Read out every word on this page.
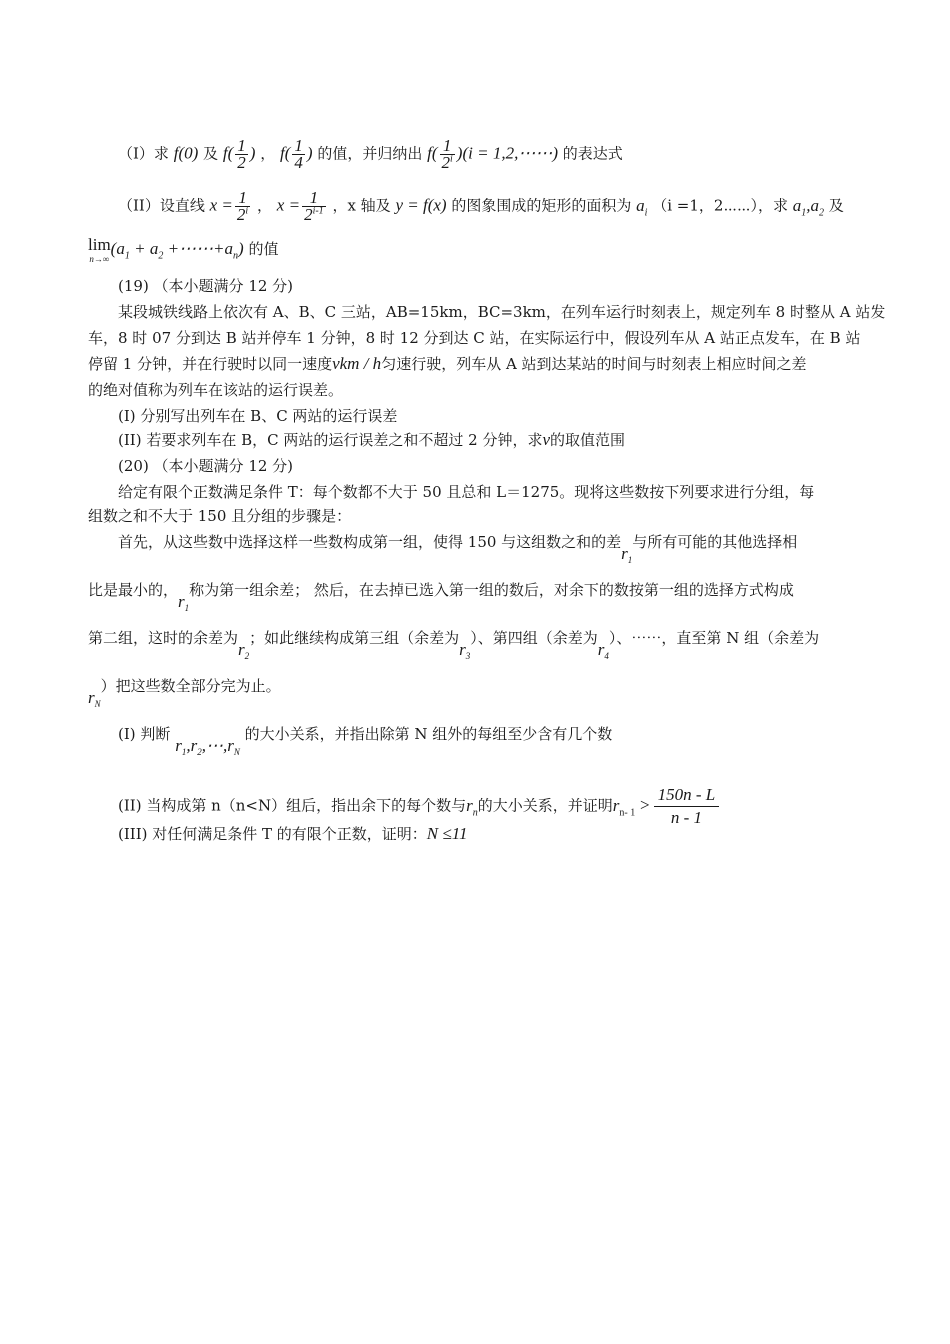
（I）求 f(0) 及 $f( \frac{1}{2}$ ) ， $f( \frac{1}{4}$ ) 的值，并归纳出 $f( \frac{1}{2^i} )(i$ = 1,2,⋯⋯) 的表达式
（II）设直线 $x = \frac{1}{2^i}$ ， $x = \frac{1}{2^{i-1}}$ ，x 轴及 y = f(x) 的图象围成的矩形的面积为 $a_i$ （i =1，2⋯⋯），求 $a_1,a_2$ 及
lim
n→∞
($a_1 + a_2$ $+\cdots\cdots+a_n$) 的值
(19) （本小题满分 12 分)
某段城铁线路上依次有 A、B、C 三站，AB=15km，BC=3km，在列车运行时刻表上，规定列车 8 时整从 A 站发
车，8 时 07 分到达 B 站并停车 1 分钟，8 时 12 分到达 C 站，在实际运行中，假设列车从 A 站正点发车，在 B 站
停留 1 分钟，并在行驶时以同一速度vkm / h匀速行驶，列车从 A 站到达某站的时间与时刻表上相应时间之差
的绝对值称为列车在该站的运行误差。
(I) 分别写出列车在 B、C 两站的运行误差
(II) 若要求列车在 B，C 两站的运行误差之和不超过 2 分钟，求v的取值范围
(20) （本小题满分 12 分)
给定有限个正数满足条件 T：每个数都不大于 50 且总和 L＝1275。现将这些数按下列要求进行分组，每
组数之和不大于 150 且分组的步骤是：
首先，从这些数中选择这样一些数构成第一组，使得 150 与这组数之和的差$r_1$与所有可能的其他选择相
比是最小的，$r_1$称为第一组余差； 然后，在去掉已选入第一组的数后，对余下的数按第一组的选择方式构成
第二组，这时的余差为$r_2$；如此继续构成第三组（余差为$r_3$）、第四组（余差为$r_4$）、⋯⋯，直至第 N 组（余差为
$r_N$）把这些数全部分完为止。
(I) 判断 $r_1,r_2,\cdots,r_N$ 的大小关系，并指出除第 N 组外的每组至少含有几个数
(II) 当构成第 n（n<N）组后，指出余下的每个数与$r_n$的大小关系，并证明$r_{n- 1} > \frac{150n - L}{n - 1}$
(III) 对任何满足条件 T 的有限个正数，证明：N ≤11
